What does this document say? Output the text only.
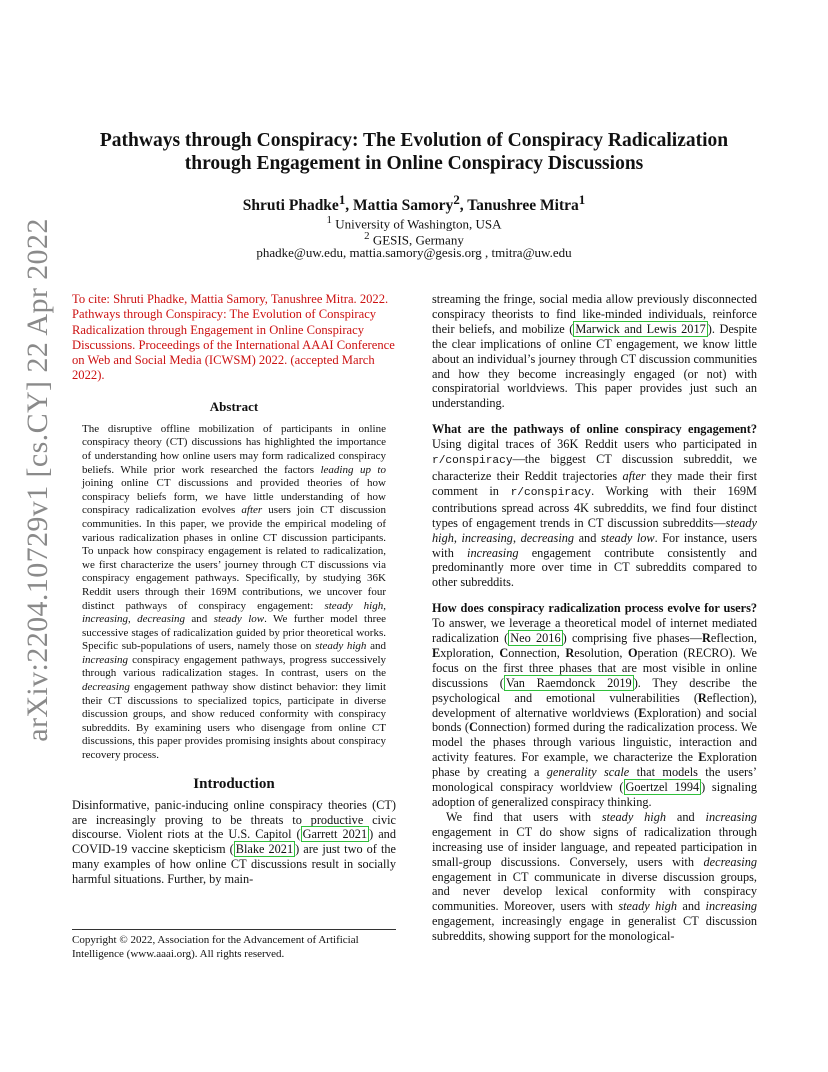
arXiv:2204.10729v1 [cs.CY] 22 Apr 2022
Pathways through Conspiracy: The Evolution of Conspiracy Radicalization through Engagement in Online Conspiracy Discussions
Shruti Phadke$^1$, Mattia Samory$^2$, Tanushree Mitra$^1$
$^1$ University of Washington, USA
$^2$ GESIS, Germany
phadke@uw.edu, mattia.samory@gesis.org , tmitra@uw.edu

To cite: Shruti Phadke, Mattia Samory, Tanushree Mitra. 2022. Pathways through Conspiracy: The Evolution of Conspiracy Radicalization through Engagement in Online Conspiracy Discussions. Proceedings of the International AAAI Conference on Web and Social Media (ICWSM) 2022. (accepted March 2022).

Abstract

The disruptive offline mobilization of participants in online conspiracy theory (CT) discussions has highlighted the importance of understanding how online users may form radicalized conspiracy beliefs. While prior work researched the factors leading up to joining online CT discussions and provided theories of how conspiracy beliefs form, we have little understanding of how conspiracy radicalization evolves after users join CT discussion communities. In this paper, we provide the empirical modeling of various radicalization phases in online CT discussion participants. To unpack how conspiracy engagement is related to radicalization, we first characterize the users’ journey through CT discussions via conspiracy engagement pathways. Specifically, by studying 36K Reddit users through their 169M contributions, we uncover four distinct pathways of conspiracy engagement: steady high, increasing, decreasing and steady low. We further model three successive stages of radicalization guided by prior theoretical works. Specific sub-populations of users, namely those on steady high and increasing conspiracy engagement pathways, progress successively through various radicalization stages. In contrast, users on the decreasing engagement pathway show distinct behavior: they limit their CT discussions to specialized topics, participate in diverse discussion groups, and show reduced conformity with conspiracy subreddits. By examining users who disengage from online CT discussions, this paper provides promising insights about conspiracy recovery process.

Introduction

Disinformative, panic-inducing online conspiracy theories (CT) are increasingly proving to be threats to productive civic discourse. Violent riots at the U.S. Capitol ( Garrett 2021 ) and COVID-19 vaccine skepticism ( Blake 2021 ) are just two of the many examples of how online CT discussions result in socially harmful situations. Further, by main-

Copyright © 2022, Association for the Advancement of Artificial Intelligence (www.aaai.org). All rights reserved.

streaming the fringe, social media allow previously disconnected conspiracy theorists to find like-minded individuals, reinforce their beliefs, and mobilize ( Marwick and Lewis 2017 ). Despite the clear implications of online CT engagement, we know little about an individual’s journey through CT discussion communities and how they become increasingly engaged (or not) with conspiratorial worldviews. This paper provides just such an understanding.

What are the pathways of online conspiracy engagement? Using digital traces of 36K Reddit users who participated in r/conspiracy—the biggest CT discussion subreddit, we characterize their Reddit trajectories after they made their first comment in r/conspiracy. Working with their 169M contributions spread across 4K subreddits, we find four distinct types of engagement trends in CT discussion subreddits—steady high, increasing, decreasing and steady low. For instance, users with increasing engagement contribute consistently and predominantly more over time in CT subreddits compared to other subreddits.

How does conspiracy radicalization process evolve for users? To answer, we leverage a theoretical model of internet mediated radicalization ( Neo 2016 ) comprising five phases—Reflection, Exploration, Connection, Resolution, Operation (RECRO). We focus on the first three phases that are most visible in online discussions ( Van Raemdonck 2019 ). They describe the psychological and emotional vulnerabilities (Reflection), development of alternative worldviews (Exploration) and social bonds (Connection) formed during the radicalization process. We model the phases through various linguistic, interaction and activity features. For example, we characterize the Exploration phase by creating a generality scale that models the users’ monological conspiracy worldview ( Goertzel 1994 ) signaling adoption of generalized conspiracy thinking.

We find that users with steady high and increasing engagement in CT do show signs of radicalization through increasing use of insider language, and repeated participation in small-group discussions. Conversely, users with decreasing engagement in CT communicate in diverse discussion groups, and never develop lexical conformity with conspiracy communities. Moreover, users with steady high and increasing engagement, increasingly engage in generalist CT discussion subreddits, showing support for the monological-
